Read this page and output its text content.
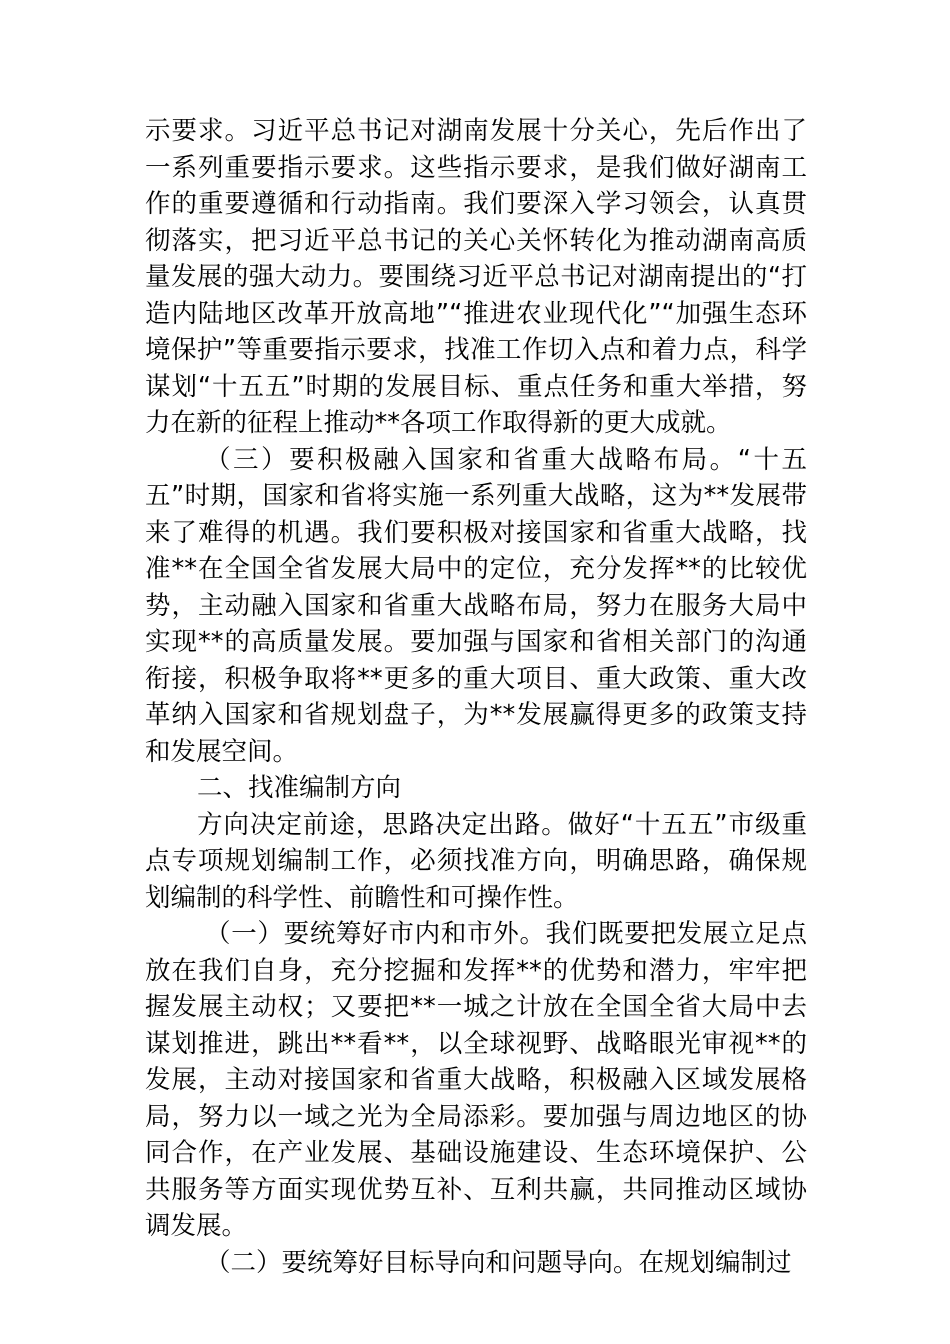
示要求。习近平总书记对湖南发展十分关心，先后作出了一系列重要指示要求。这些指示要求，是我们做好湖南工作的重要遵循和行动指南。我们要深入学习领会，认真贯彻落实，把习近平总书记的关心关怀转化为推动湖南高质量发展的强大动力。要围绕习近平总书记对湖南提出的“打造内陆地区改革开放高地”“推进农业现代化”“加强生态环境保护”等重要指示要求，找准工作切入点和着力点，科学谋划“十五五”时期的发展目标、重点任务和重大举措，努力在新的征程上推动**各项工作取得新的更大成就。

（三）要积极融入国家和省重大战略布局。“十五五”时期，国家和省将实施一系列重大战略，这为**发展带来了难得的机遇。我们要积极对接国家和省重大战略，找准**在全国全省发展大局中的定位，充分发挥**的比较优势，主动融入国家和省重大战略布局，努力在服务大局中实现**的高质量发展。要加强与国家和省相关部门的沟通衔接，积极争取将**更多的重大项目、重大政策、重大改革纳入国家和省规划盘子，为**发展赢得更多的政策支持和发展空间。

二、找准编制方向

方向决定前途，思路决定出路。做好“十五五”市级重点专项规划编制工作，必须找准方向，明确思路，确保规划编制的科学性、前瞻性和可操作性。

（一）要统筹好市内和市外。我们既要把发展立足点放在我们自身，充分挖掘和发挥**的优势和潜力，牢牢把握发展主动权；又要把**一城之计放在全国全省大局中去谋划推进，跳出**看**，以全球视野、战略眼光审视**的发展，主动对接国家和省重大战略，积极融入区域发展格局，努力以一域之光为全局添彩。要加强与周边地区的协同合作，在产业发展、基础设施建设、生态环境保护、公共服务等方面实现优势互补、互利共赢，共同推动区域协调发展。

（二）要统筹好目标导向和问题导向。在规划编制过
